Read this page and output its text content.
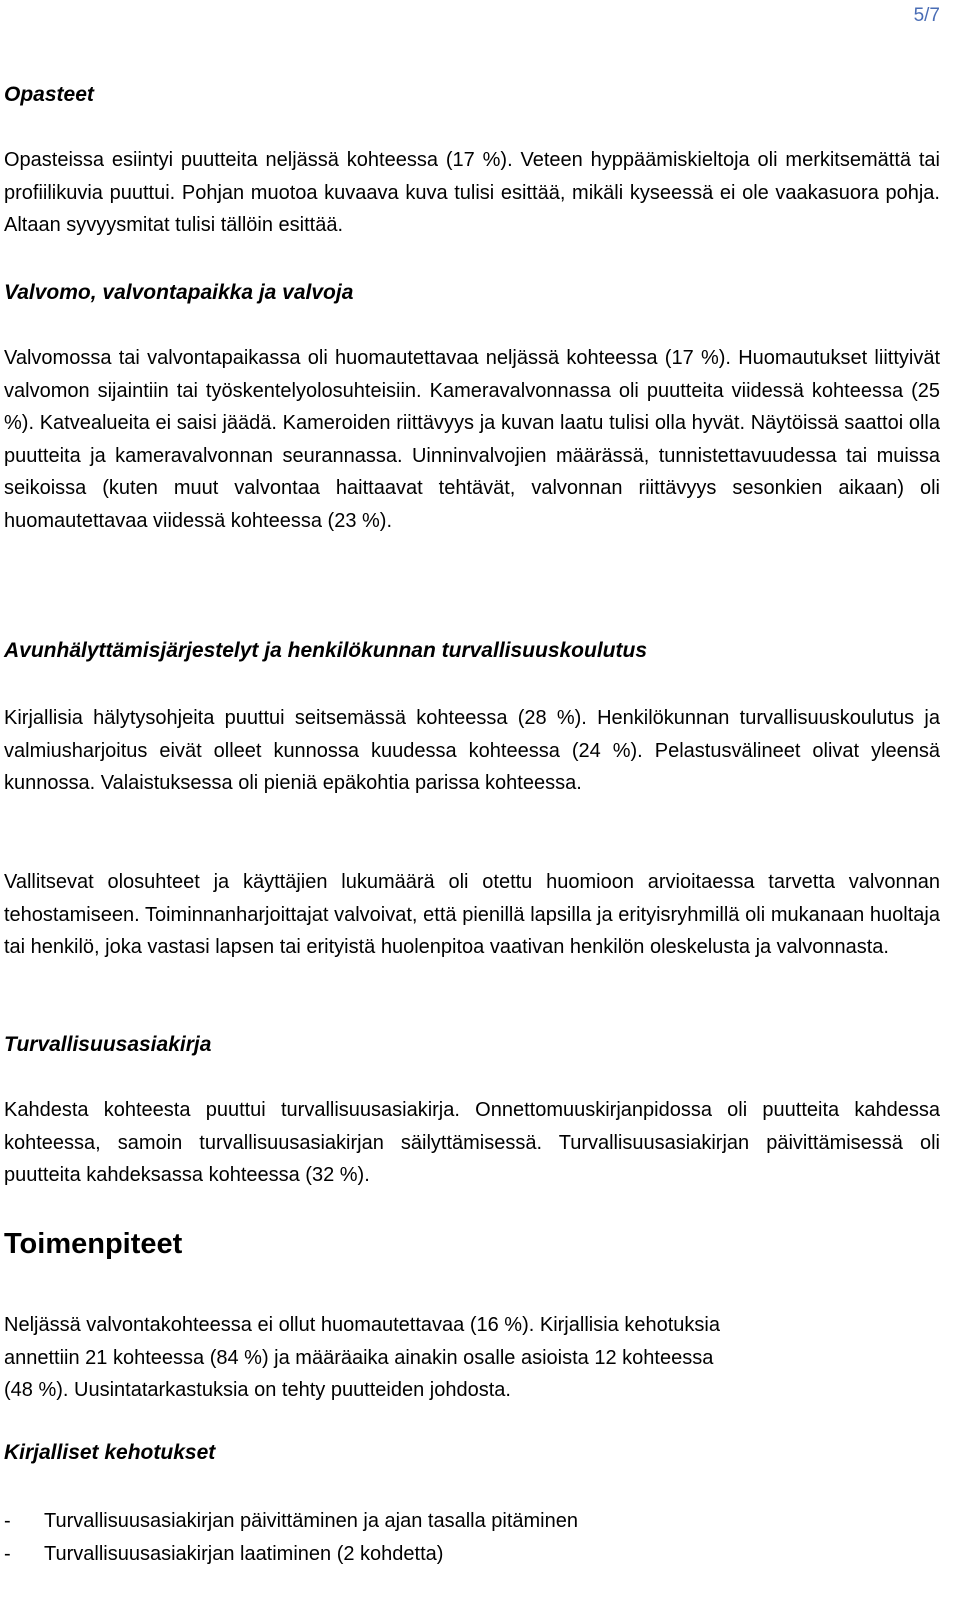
5/7
Opasteet

Opasteissa esiintyi puutteita neljässä kohteessa (17 %). Veteen hyppäämiskieltoja oli merkitsemättä tai profiilikuvia puuttui. Pohjan muotoa kuvaava kuva tulisi esittää, mikäli kyseessä ei ole vaakasuora pohja. Altaan syvyysmitat tulisi tällöin esittää.

Valvomo, valvontapaikka ja valvoja

Valvomossa tai valvontapaikassa oli huomautettavaa neljässä kohteessa (17 %). Huomautukset liittyivät valvomon sijaintiin tai työskentelyolosuhteisiin. Kameravalvonnassa oli puutteita viidessä kohteessa (25 %). Katvealueita ei saisi jäädä. Kameroiden riittävyys ja kuvan laatu tulisi olla hyvät. Näytöissä saattoi olla puutteita ja kameravalvonnan seurannassa. Uinninvalvojien määrässä, tunnistettavuudessa tai muissa seikoissa (kuten muut valvontaa haittaavat tehtävät, valvonnan riittävyys sesonkien aikaan) oli huomautettavaa viidessä kohteessa (23 %).

Avunhälyttämisjärjestelyt ja henkilökunnan turvallisuuskoulutus

Kirjallisia hälytysohjeita puuttui seitsemässä kohteessa (28 %). Henkilökunnan turvallisuuskoulutus ja valmiusharjoitus eivät olleet kunnossa kuudessa kohteessa (24 %). Pelastusvälineet olivat yleensä kunnossa. Valaistuksessa oli pieniä epäkohtia parissa kohteessa.

Vallitsevat olosuhteet ja käyttäjien lukumäärä oli otettu huomioon arvioitaessa tarvetta valvonnan tehostamiseen. Toiminnanharjoittajat valvoivat, että pienillä lapsilla ja erityisryhmillä oli mukanaan huoltaja tai henkilö, joka vastasi lapsen tai erityistä huolenpitoa vaativan henkilön oleskelusta ja valvonnasta.

Turvallisuusasiakirja

Kahdesta kohteesta puuttui turvallisuusasiakirja. Onnettomuuskirjanpidossa oli puutteita kahdessa kohteessa, samoin turvallisuusasiakirjan säilyttämisessä. Turvallisuusasiakirjan päivittämisessä oli puutteita kahdeksassa kohteessa (32 %).

Toimenpiteet

Neljässä valvontakohteessa ei ollut huomautettavaa (16 %). Kirjallisia kehotuksia
annettiin 21 kohteessa (84 %) ja määräaika ainakin osalle asioista 12 kohteessa
(48 %). Uusintatarkastuksia on tehty puutteiden johdosta.

Kirjalliset kehotukset
-	Turvallisuusasiakirjan päivittäminen ja ajan tasalla pitäminen
-	Turvallisuusasiakirjan laatiminen (2 kohdetta)
